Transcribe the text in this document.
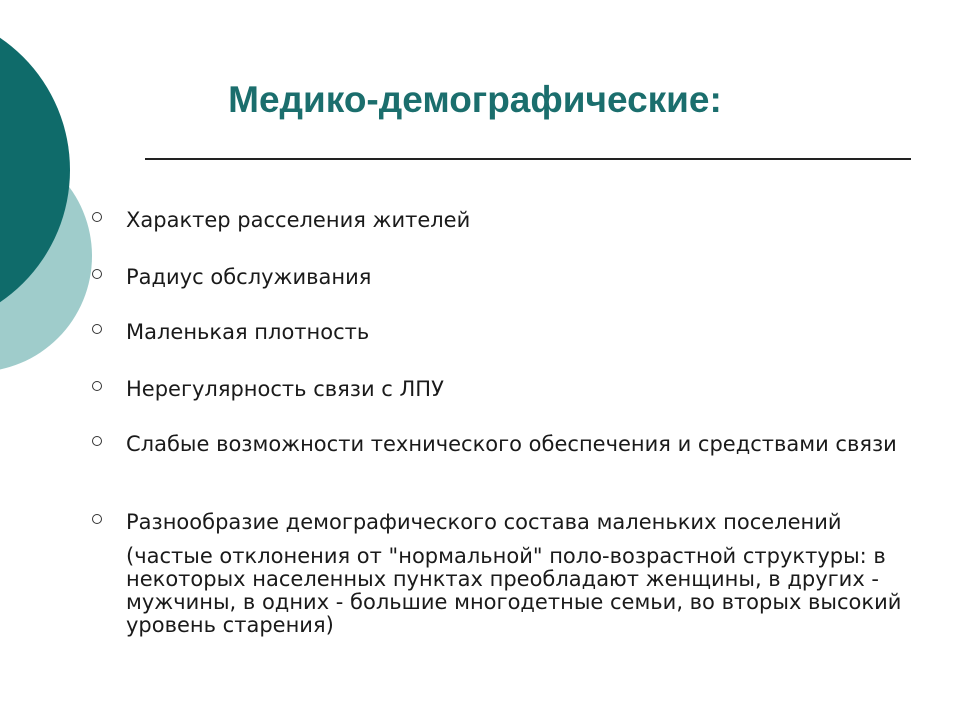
Медико-демографические:

Характер расселения жителей

Радиус обслуживания

Маленькая плотность

Нерегулярность связи с ЛПУ

Слабые возможности технического обеспечения и средствами связи

Разнообразие демографического состава маленьких поселений

(частые отклонения от "нормальной" поло-возрастной структуры: в некоторых населенных пунктах преобладают женщины, в других - мужчины, в одних - большие многодетные семьи, во вторых высокий уровень старения)
